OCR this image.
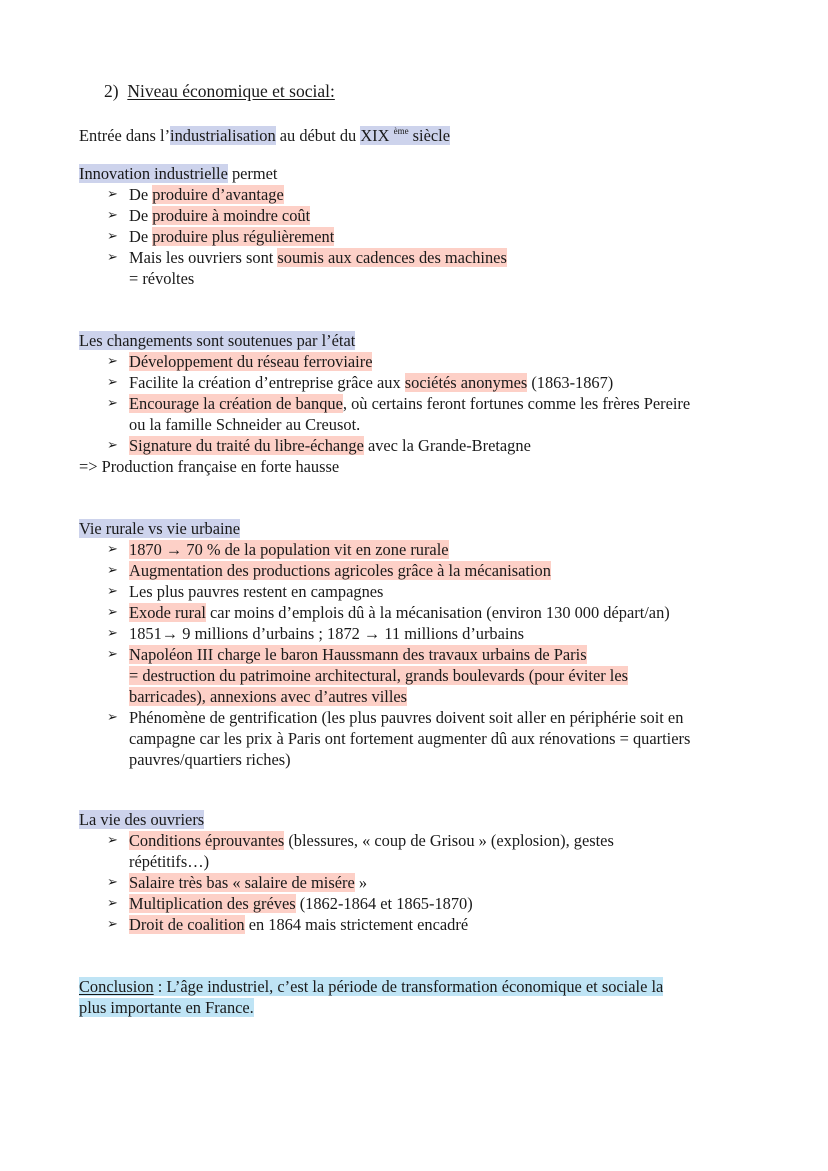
2) Niveau économique et social:
Entrée dans l’industrialisation au début du XIX $^{ème}$ siècle
Innovation industrielle permet
➢ De produire d’avantage
➢ De produire à moindre coût
➢ De produire plus régulièrement
➢ Mais les ouvriers sont soumis aux cadences des machines
= révoltes
Les changements sont soutenues par l’état
➢ Développement du réseau ferroviaire
➢ Facilite la création d’entreprise grâce aux sociétés anonymes (1863-1867)
➢ Encourage la création de banque, où certains feront fortunes comme les frères Pereire
ou la famille Schneider au Creusot.
➢ Signature du traité du libre-échange avec la Grande-Bretagne
=> Production française en forte hausse
Vie rurale vs vie urbaine
➢ 1870 → 70 % de la population vit en zone rurale
➢ Augmentation des productions agricoles grâce à la mécanisation
➢ Les plus pauvres restent en campagnes
➢ Exode rural car moins d’emplois dû à la mécanisation (environ 130 000 départ/an)
➢ 1851→ 9 millions d’urbains ; 1872 → 11 millions d’urbains
➢ Napoléon III charge le baron Haussmann des travaux urbains de Paris
= destruction du patrimoine architectural, grands boulevards (pour éviter les
barricades), annexions avec d’autres villes
➢ Phénomène de gentrification (les plus pauvres doivent soit aller en périphérie soit en
campagne car les prix à Paris ont fortement augmenter dû aux rénovations = quartiers
pauvres/quartiers riches)
La vie des ouvriers
➢ Conditions éprouvantes (blessures, « coup de Grisou » (explosion), gestes
répétitifs…)
➢ Salaire très bas « salaire de misére »
➢ Multiplication des gréves (1862-1864 et 1865-1870)
➢ Droit de coalition en 1864 mais strictement encadré
Conclusion : L’âge industriel, c’est la période de transformation économique et sociale la
plus importante en France.
